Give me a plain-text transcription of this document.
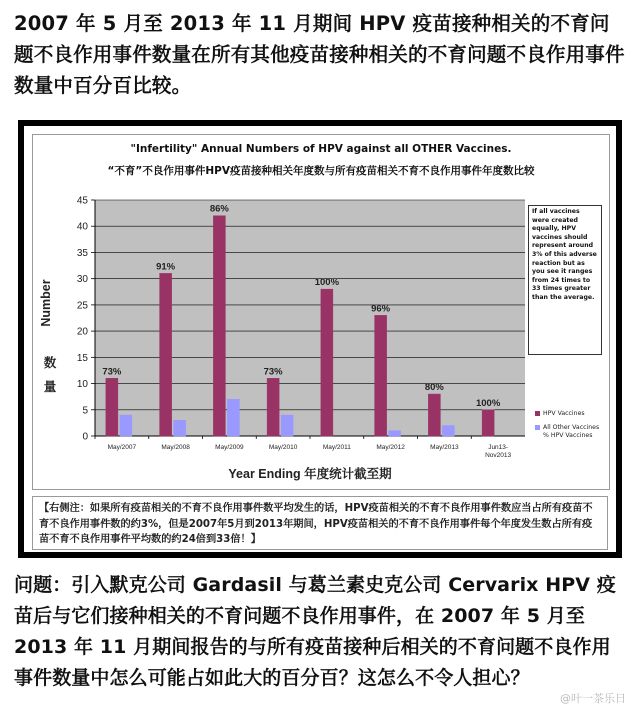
2007 年 5 月至 2013 年 11 月期间 HPV 疫苗接种相关的不育问题不良作用事件数量在所有其他疫苗接种相关的不育问题不良作用事件数量中百分百比较。
"Infertility" Annual Numbers of HPV against all OTHER Vaccines.
“不育”不良作用事件HPV疫苗接种相关年度数与所有疫苗相关不育不良作用事件年度数比较
0
5
10
15
20
25
30
35
40
45
73%
May/2007
91%
May/2008
86%
May/2009
73%
May/2010
100%
May/2011
96%
May/2012
80%
May/2013
100%
Jun13-Nov2013
Year Ending 年度统计截至期
Number
数
量
If all vaccines were created equally, HPV vaccines should represent around 3% of this adverse reaction but as you see it ranges from 24 times to 33 times greater than the average.
HPV Vaccines
All Other Vaccines
% HPV Vaccines
【右侧注：如果所有疫苗相关的不育不良作用事件数平均发生的话，HPV疫苗相关的不育不良作用事件数应当占所有疫苗不育不良作用事件数的约3%，但是2007年5月到2013年期间，HPV疫苗相关的不育不良作用事件每个年度发生数占所有疫苗不育不良作用事件平均数的约24倍到33倍！】
问题：引入默克公司 Gardasil 与葛兰素史克公司 Cervarix HPV 疫苗后与它们接种相关的不育问题不良作用事件，在 2007 年 5 月至 2013 年 11 月期间报告的与所有疫苗接种后相关的不育问题不良作用事件数量中怎么可能占如此大的百分百？这怎么不令人担心？
@叶一茶乐日
